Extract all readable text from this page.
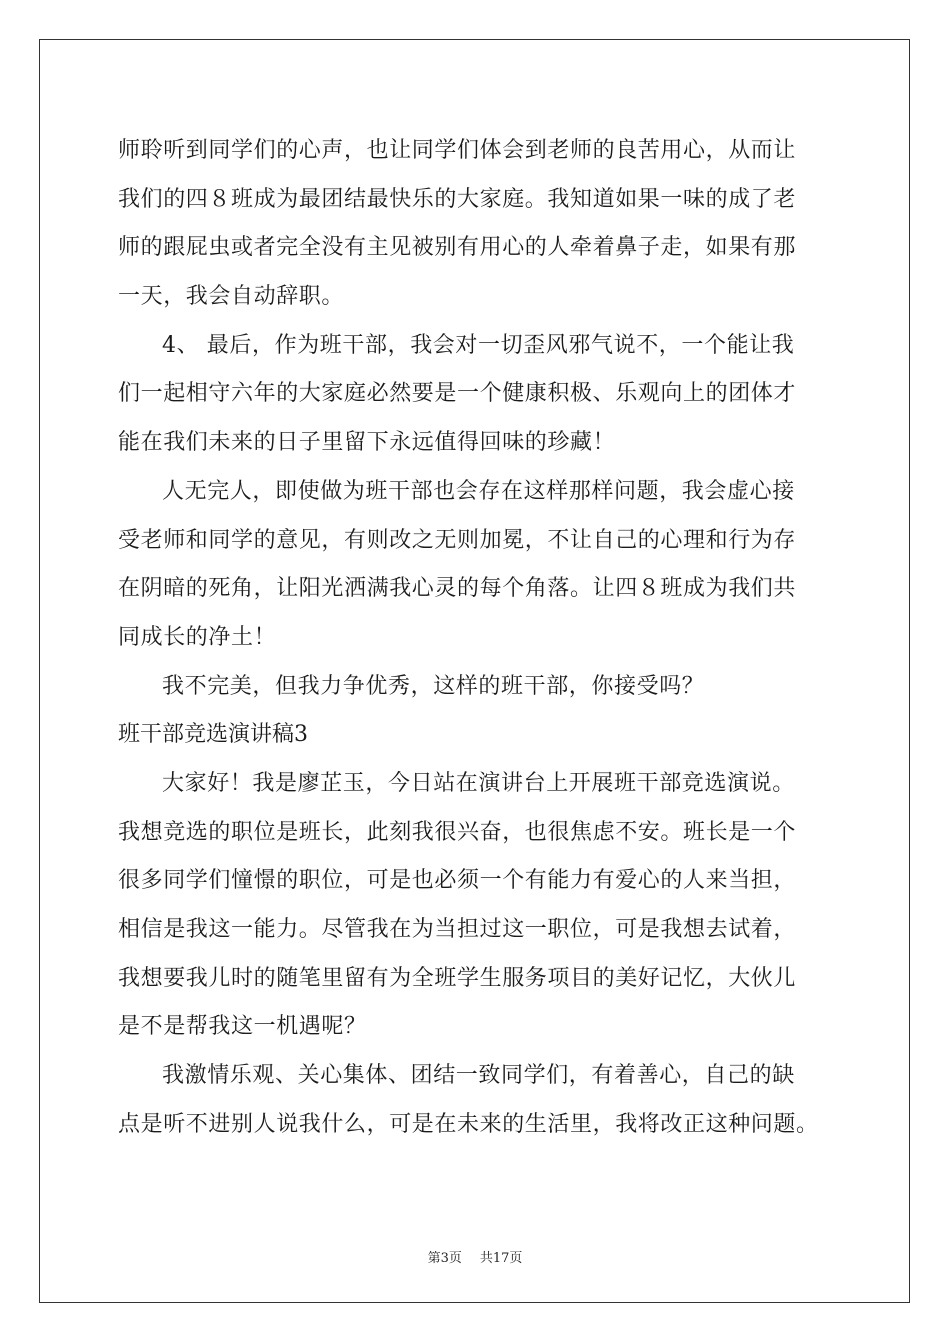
师聆听到同学们的心声，也让同学们体会到老师的良苦用心，从而让
我们的四８班成为最团结最快乐的大家庭。我知道如果一味的成了老
师的跟屁虫或者完全没有主见被别有用心的人牵着鼻子走，如果有那
一天，我会自动辞职。
4、 最后，作为班干部，我会对一切歪风邪气说不，一个能让我
们一起相守六年的大家庭必然要是一个健康积极、乐观向上的团体才
能在我们未来的日子里留下永远值得回味的珍藏！
人无完人，即使做为班干部也会存在这样那样问题，我会虚心接
受老师和同学的意见，有则改之无则加冕，不让自己的心理和行为存
在阴暗的死角，让阳光洒满我心灵的每个角落。让四８班成为我们共
同成长的净土！
我不完美，但我力争优秀，这样的班干部，你接受吗？
班干部竞选演讲稿3
大家好！我是廖芷玉，今日站在演讲台上开展班干部竞选演说。
我想竞选的职位是班长，此刻我很兴奋，也很焦虑不安。班长是一个
很多同学们憧憬的职位，可是也必须一个有能力有爱心的人来当担，
相信是我这一能力。尽管我在为当担过这一职位，可是我想去试着，
我想要我儿时的随笔里留有为全班学生服务项目的美好记忆，大伙儿
是不是帮我这一机遇呢？
我激情乐观、关心集体、团结一致同学们，有着善心，自己的缺
点是听不进别人说我什么，可是在未来的生活里，我将改正这种问题。
第3页 共17页
